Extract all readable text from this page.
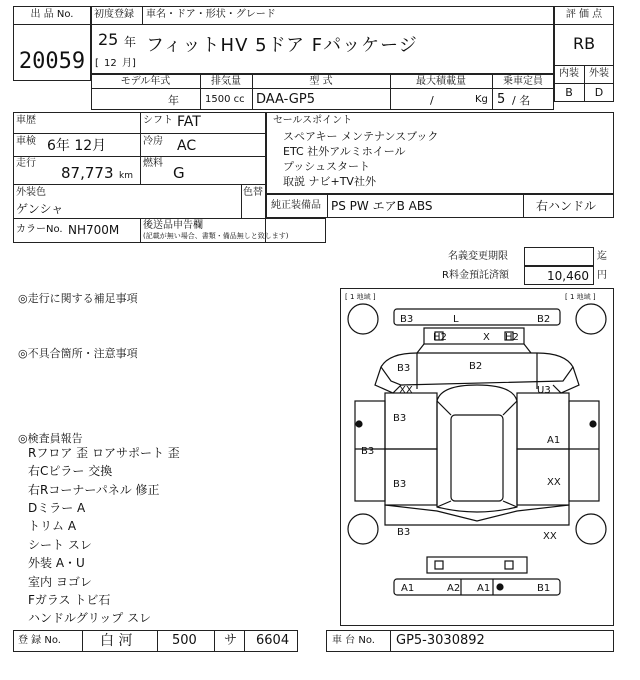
出 品 No.
20059
初度登録 車名・ドア・形状・グレード
25 年
[ 12 月]
フィットHV 5ドア Fパッケージ
評 価 点
RB
内装	外装
B	D
モデル年式	排気量	型 式	最大積載量	乗車定員
年	1500 cc DAA-GP5	/	Kg 5 / 名
車歴	シフト FAT
車検 6年 12月	冷房 AC
走行
87,773 km
燃料
G
外装色
ゲンシャ
色替
カラーNo. NH700M
セールスポイント
スペアキー メンテナンスブック
ETC 社外アルミホイール
プッシュスタート
取説 ナビ+TV社外
純正装備品 PS PW エアB ABS	右ハンドル
後送品申告欄
(記載が無い場合、書類・備品無しと致します)
名義変更期限	迄
R料金預託済額	10,460 円
◎走行に関する補足事項
◎不具合箇所・注意事項
◎検査員報告
Rフロア 歪 ロアサポート 歪
右Cピラー 交換
右Rコーナーパネル 修正
Dミラー A
トリム A
シート スレ
外装 A・U
室内 ヨゴレ
Fガラス トビ石
ハンドルグリップ スレ
[ 1 地域 ]	[ 1 地域 ]
B3	L	B2
H2	X H2
B3	B2
XX	U3
B3
A1
B3
B3	XX
B3	XX
A1	A2 A1	B1
登 録 No.	白 河	500 サ 6604	車 台 No. GP5-3030892
